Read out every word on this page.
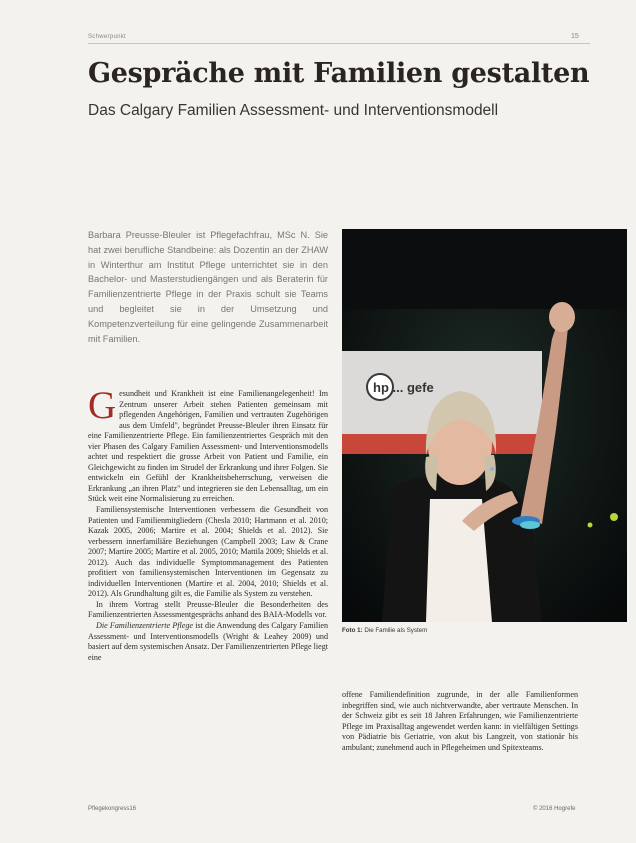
Schwerpunkt	15
Gespräche mit Familien gestalten
Das Calgary Familien Assessment- und Interventionsmodell
Barbara Preusse-Bleuler ist Pflegefachfrau, MSc N. Sie hat zwei berufliche Standbeine: als Dozentin an der ZHAW in Winterthur am Institut Pflege unterrichtet sie in den Bachelor- und Masterstudiengängen und als Beraterin für Familienzentrierte Pflege in der Praxis schult sie Teams und begleitet sie in der Umsetzung und Kompetenzverteilung für eine gelingende Zusammenarbeit mit Familien.

Gesundheit und Krankheit ist eine Familienangelegenheit! Im Zentrum unserer Arbeit stehen Patienten gemeinsam mit pflegenden Angehörigen, Familien und vertrauten Zugehörigen aus dem Umfeld", begründet Preusse-Bleuler ihren Einsatz für eine Familienzentrierte Pflege. Ein familienzentriertes Gespräch mit den vier Phasen des Calgary Familien Assessment- und Interventionsmodells achtet und respektiert die grosse Arbeit von Patient und Familie, ein Gleichgewicht zu finden im Strudel der Erkrankung und ihrer Folgen. Sie entwickeln ein Gefühl der Krankheitsbeherrschung, verweisen die Erkrankung „an ihren Platz" und integrieren sie den Lebensalltag, um ein Stück weit eine Normalisierung zu erreichen.

Familiensystemische Interventionen verbessern die Gesundheit von Patienten und Familienmitgliedern (Chesla 2010; Hartmann et al. 2010; Kazak 2005, 2006; Martire et al. 2004; Shields et al. 2012). Sie verbessern innerfamiliäre Beziehungen (Campbell 2003; Law & Crane 2007; Martire 2005; Martire et al. 2005, 2010; Mattila 2009; Shields et al. 2012). Auch das individuelle Symptommanagement des Patienten profitiert von familiensystemischen Interventionen im Gegensatz zu individuellen Interventionen (Martire et al. 2004, 2010; Shields et al. 2012). Als Grundhaltung gilt es, die Familie als System zu verstehen.

In ihrem Vortrag stellt Preusse-Bleuler die Besonderheiten des Familienzentrierten Assessmentgesprächs anhand des BAIA-Modells vor.

Die Familienzentrierte Pflege ist die Anwendung des Calgary Familien Assessment- und Interventionsmodells (Wright & Leahey 2009) und basiert auf dem systemischen Ansatz. Der Familienzentrierten Pflege liegt eine

hp ... gefe
Foto 1: Die Familie als System

offene Familiendefinition zugrunde, in der alle Familienformen inbegriffen sind, wie auch nichtverwandte, aber vertraute Menschen. In der Schweiz gibt es seit 18 Jahren Erfahrungen, wie Familienzentrierte Pflege im Praxisalltag angewendet werden kann: in vielfältigen Settings von Pädiatrie bis Geriatrie, von akut bis Langzeit, von stationär bis ambulant; zunehmend auch in Pflegeheimen und Spitexteams.

Pflegekongress16	© 2016 Hogrefe
